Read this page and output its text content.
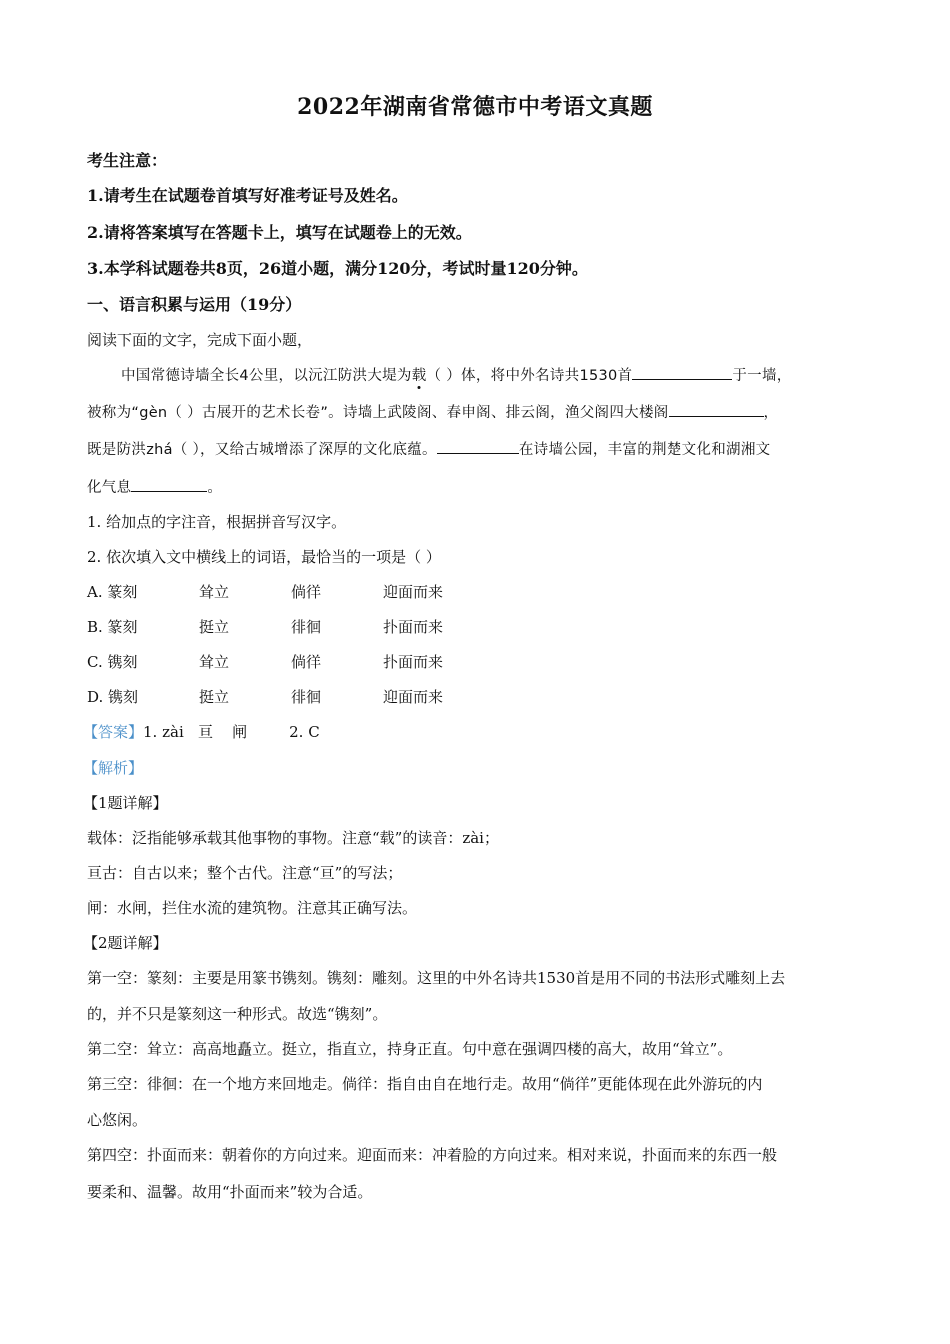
2022年湖南省常德市中考语文真题
考生注意：
1.请考生在试题卷首填写好准考证号及姓名。
2.请将答案填写在答题卡上，填写在试题卷上的无效。
3.本学科试题卷共8页，26道小题，满分120分，考试时量120分钟。
一、语言积累与运用（19分）
阅读下面的文字，完成下面小题，
中国常德诗墙全长4公里，以沅江防洪大堤为载（ ）体，将中外名诗共1530首	于一墙，
被称为“gèn（ ）古展开的艺术长卷”。诗墙上武陵阁、春申阁、排云阁，渔父阁四大楼阁	，
既是防洪zhá（ ），又给古城增添了深厚的文化底蕴。	在诗墙公园，丰富的荆楚文化和湖湘文
化气息	。
1. 给加点的字注音，根据拼音写汉字。
2. 依次填入文中横线上的词语，最恰当的一项是（ ）
A. 篆刻	耸立	倘徉	迎面而来
B. 篆刻	挺立	徘徊	扑面而来
C. 镌刻	耸立	倘徉	扑面而来
D. 镌刻	挺立	徘徊	迎面而来
【答案】1. zài   亘    闸	2. C
【解析】
【1题详解】
载体：泛指能够承载其他事物的事物。注意“载”的读音：zài；
亘古：自古以来；整个古代。注意“亘”的写法；
闸：水闸，拦住水流的建筑物。注意其正确写法。
【2题详解】
第一空：篆刻：主要是用篆书镌刻。镌刻：雕刻。这里的中外名诗共1530首是用不同的书法形式雕刻上去
的，并不只是篆刻这一种形式。故选“镌刻”。
第二空：耸立：高高地矗立。挺立，指直立，持身正直。句中意在强调四楼的高大，故用“耸立”。
第三空：徘徊：在一个地方来回地走。倘徉：指自由自在地行走。故用“倘徉”更能体现在此外游玩的内
心悠闲。
第四空：扑面而来：朝着你的方向过来。迎面而来：冲着脸的方向过来。相对来说，扑面而来的东西一般
要柔和、温馨。故用“扑面而来”较为合适。
